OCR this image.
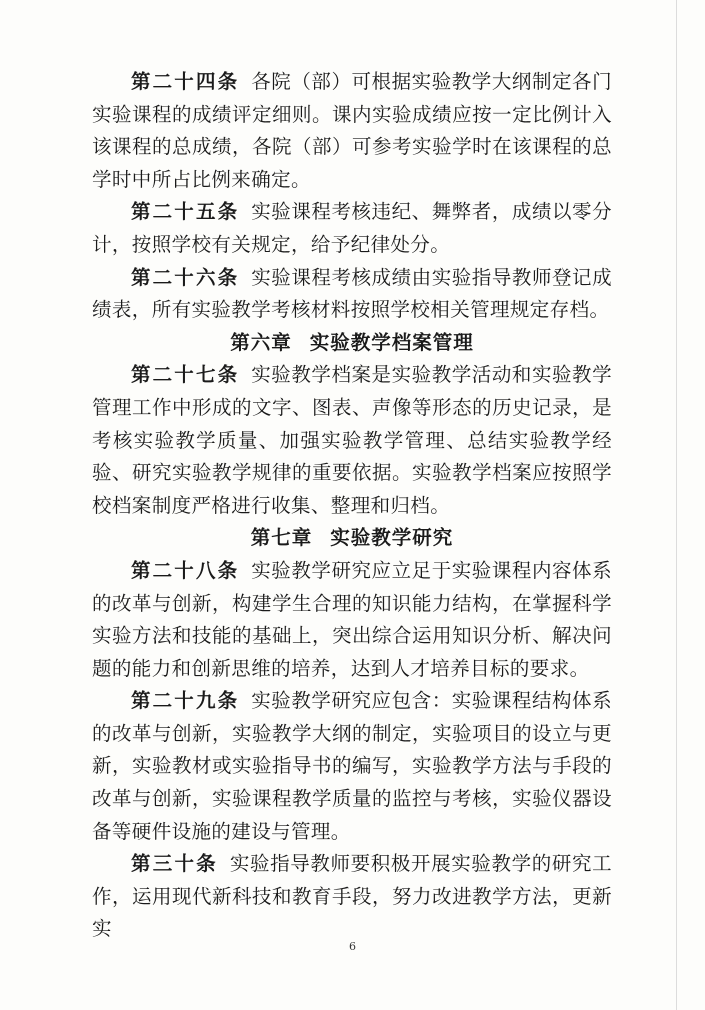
第二十四条 各院（部）可根据实验教学大纲制定各门实验课程的成绩评定细则。课内实验成绩应按一定比例计入该课程的总成绩，各院（部）可参考实验学时在该课程的总学时中所占比例来确定。

第二十五条 实验课程考核违纪、舞弊者，成绩以零分计，按照学校有关规定，给予纪律处分。

第二十六条 实验课程考核成绩由实验指导教师登记成绩表，所有实验教学考核材料按照学校相关管理规定存档。

第六章 实验教学档案管理

第二十七条 实验教学档案是实验教学活动和实验教学管理工作中形成的文字、图表、声像等形态的历史记录，是考核实验教学质量、加强实验教学管理、总结实验教学经验、研究实验教学规律的重要依据。实验教学档案应按照学校档案制度严格进行收集、整理和归档。

第七章 实验教学研究

第二十八条 实验教学研究应立足于实验课程内容体系的改革与创新，构建学生合理的知识能力结构，在掌握科学实验方法和技能的基础上，突出综合运用知识分析、解决问题的能力和创新思维的培养，达到人才培养目标的要求。

第二十九条 实验教学研究应包含：实验课程结构体系的改革与创新，实验教学大纲的制定，实验项目的设立与更新，实验教材或实验指导书的编写，实验教学方法与手段的改革与创新，实验课程教学质量的监控与考核，实验仪器设备等硬件设施的建设与管理。

第三十条 实验指导教师要积极开展实验教学的研究工作，运用现代新科技和教育手段，努力改进教学方法，更新实

6
